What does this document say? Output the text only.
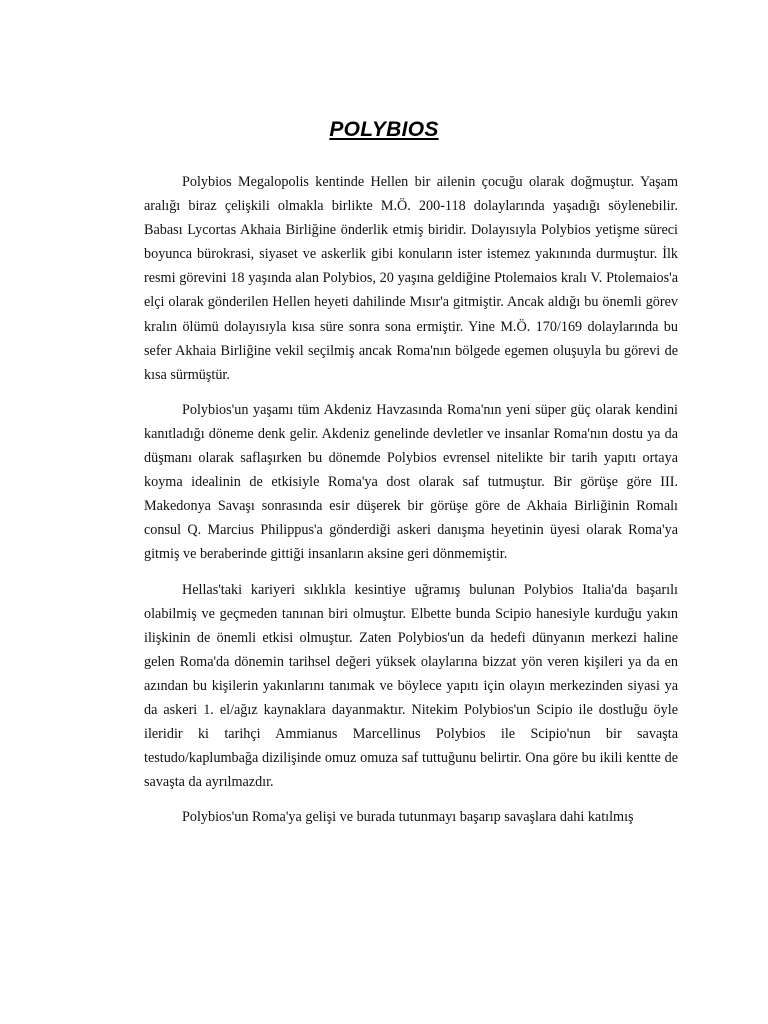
POLYBIOS

Polybios Megalopolis kentinde Hellen bir ailenin çocuğu olarak doğmuştur. Yaşam aralığı biraz çelişkili olmakla birlikte M.Ö. 200-118 dolaylarında yaşadığı söylenebilir. Babası Lycortas Akhaia Birliğine önderlik etmiş biridir. Dolayısıyla Polybios yetişme süreci boyunca bürokrasi, siyaset ve askerlik gibi konuların ister istemez yakınında durmuştur. İlk resmi görevini 18 yaşında alan Polybios, 20 yaşına geldiğine Ptolemaios kralı V. Ptolemaios'a elçi olarak gönderilen Hellen heyeti dahilinde Mısır'a gitmiştir. Ancak aldığı bu önemli görev kralın ölümü dolayısıyla kısa süre sonra sona ermiştir. Yine M.Ö. 170/169 dolaylarında bu sefer Akhaia Birliğine vekil seçilmiş ancak Roma'nın bölgede egemen oluşuyla bu görevi de kısa sürmüştür.

Polybios'un yaşamı tüm Akdeniz Havzasında Roma'nın yeni süper güç olarak kendini kanıtladığı döneme denk gelir. Akdeniz genelinde devletler ve insanlar Roma'nın dostu ya da düşmanı olarak saflaşırken bu dönemde Polybios evrensel nitelikte bir tarih yapıtı ortaya koyma idealinin de etkisiyle Roma'ya dost olarak saf tutmuştur. Bir görüşe göre III. Makedonya Savaşı sonrasında esir düşerek bir görüşe göre de Akhaia Birliğinin Romalı consul Q. Marcius Philippus'a gönderdiği askeri danışma heyetinin üyesi olarak Roma'ya gitmiş ve beraberinde gittiği insanların aksine geri dönmemiştir.

Hellas'taki kariyeri sıklıkla kesintiye uğramış bulunan Polybios Italia'da başarılı olabilmiş ve geçmeden tanınan biri olmuştur. Elbette bunda Scipio hanesiyle kurduğu yakın ilişkinin de önemli etkisi olmuştur. Zaten Polybios'un da hedefi dünyanın merkezi haline gelen Roma'da dönemin tarihsel değeri yüksek olaylarına bizzat yön veren kişileri ya da en azından bu kişilerin yakınlarını tanımak ve böylece yapıtı için olayın merkezinden siyasi ya da askeri 1. el/ağız kaynaklara dayanmaktır. Nitekim Polybios'un Scipio ile dostluğu öyle ileridir ki tarihçi Ammianus Marcellinus Polybios ile Scipio'nun bir savaşta testudo/kaplumbağa dizilişinde omuz omuza saf tuttuğunu belirtir. Ona göre bu ikili kentte de savaşta da ayrılmazdır.

Polybios'un Roma'ya gelişi ve burada tutunmayı başarıp savaşlara dahi katılmış
